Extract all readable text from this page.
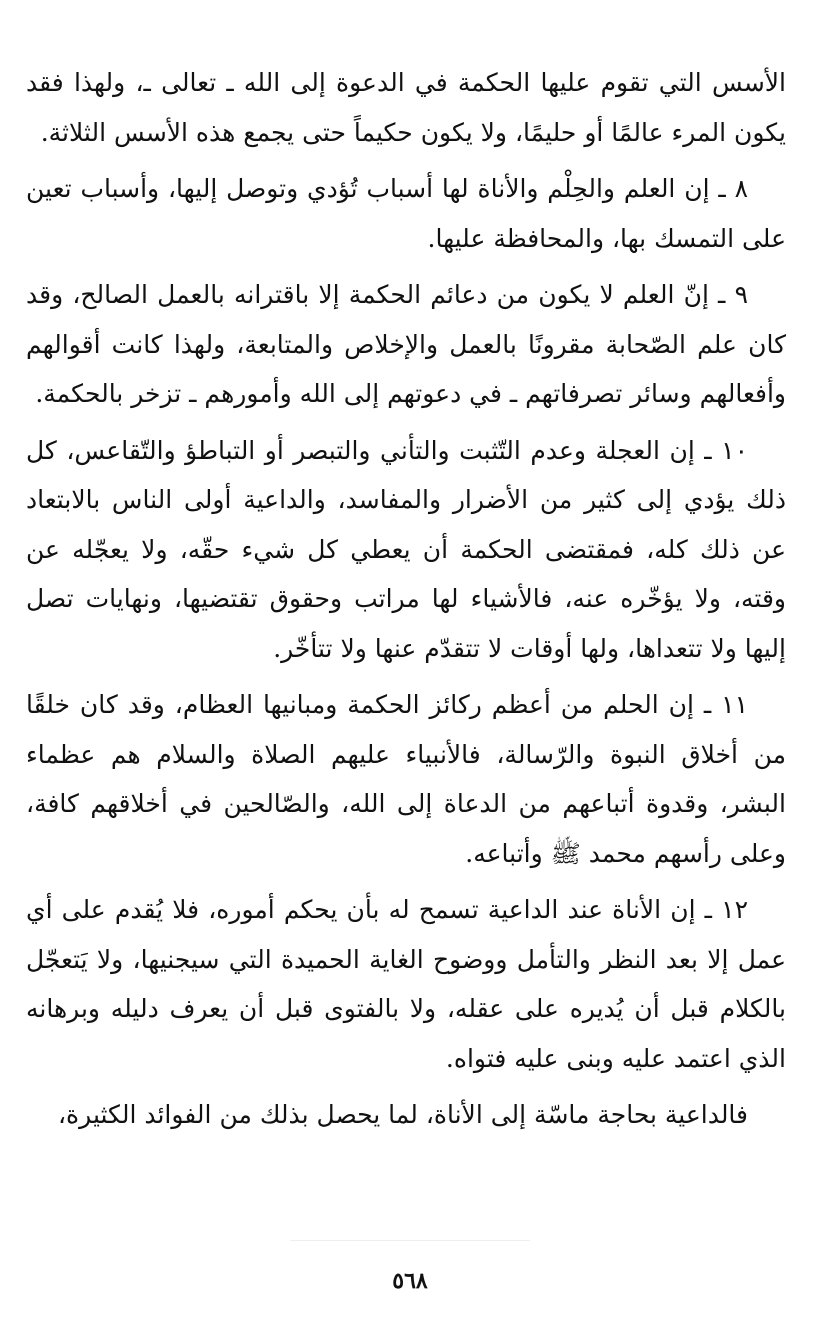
الأسس التي تقوم عليها الحكمة في الدعوة إلى الله ـ تعالى ـ، ولهذا فقد يكون المرء عالمًا أو حليمًا، ولا يكون حكيماً حتى يجمع هذه الأسس الثلاثة.

٨ ـ إن العلم والحِلْم والأناة لها أسباب تُؤدي وتوصل إليها، وأسباب تعين على التمسك بها، والمحافظة عليها.

٩ ـ إنّ العلم لا يكون من دعائم الحكمة إلا باقترانه بالعمل الصالح، وقد كان علم الصّحابة مقرونًا بالعمل والإخلاص والمتابعة، ولهذا كانت أقوالهم وأفعالهم وسائر تصرفاتهم ـ في دعوتهم إلى الله وأمورهم ـ تزخر بالحكمة.

١٠ ـ إن العجلة وعدم التّثبت والتأني والتبصر أو التباطؤ والتّقاعس، كل ذلك يؤدي إلى كثير من الأضرار والمفاسد، والداعية أولى الناس بالابتعاد عن ذلك كله، فمقتضى الحكمة أن يعطي كل شيء حقّه، ولا يعجّله عن وقته، ولا يؤخّره عنه، فالأشياء لها مراتب وحقوق تقتضيها، ونهايات تصل إليها ولا تتعداها، ولها أوقات لا تتقدّم عنها ولا تتأخّر.

١١ ـ إن الحلم من أعظم ركائز الحكمة ومبانيها العظام، وقد كان خلقًا من أخلاق النبوة والرّسالة، فالأنبياء عليهم الصلاة والسلام هم عظماء البشر، وقدوة أتباعهم من الدعاة إلى الله، والصّالحين في أخلاقهم كافة، وعلى رأسهم محمد ﷺ وأتباعه.

١٢ ـ إن الأناة عند الداعية تسمح له بأن يحكم أموره، فلا يُقدم على أي عمل إلا بعد النظر والتأمل ووضوح الغاية الحميدة التي سيجنيها، ولا يَتعجّل بالكلام قبل أن يُديره على عقله، ولا بالفتوى قبل أن يعرف دليله وبرهانه الذي اعتمد عليه وبنى عليه فتواه.

فالداعية بحاجة ماسّة إلى الأناة، لما يحصل بذلك من الفوائد الكثيرة،

٥٦٨
